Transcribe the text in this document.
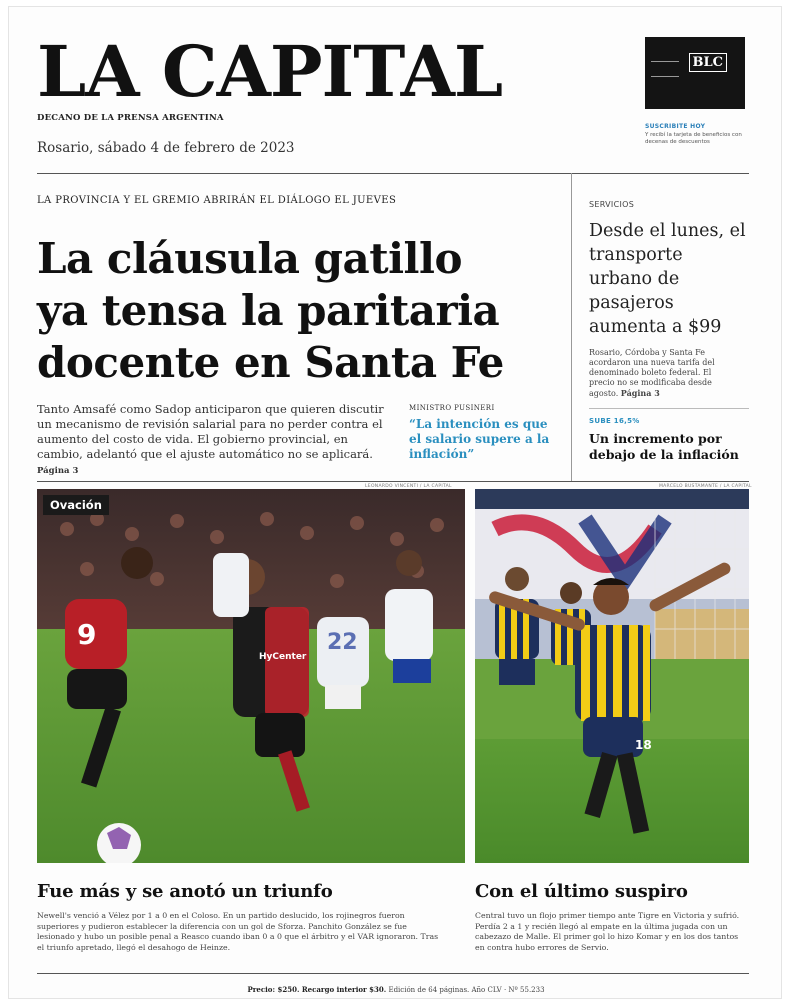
LA CAPITAL
DECANO DE LA PRENSA ARGENTINA
Rosario, sábado 4 de febrero de 2023
BLC
SUSCRIBITE HOY
Y recibí la tarjeta de beneficios con decenas de descuentos
LA PROVINCIA Y EL GREMIO ABRIRÁN EL DIÁLOGO EL JUEVES
La cláusula gatillo
ya tensa la paritaria
docente en Santa Fe
Tanto Amsafé como Sadop anticiparon que quieren discutir un mecanismo de revisión salarial para no perder contra el aumento del costo de vida. El gobierno provincial, en cambio, adelantó que el ajuste automático no se aplicará. Página 3
MINISTRO PUSINERI
“La intención es que el salario supere a la inflación”
SERVICIOS
Desde el lunes, el transporte urbano de pasajeros aumenta a $99
Rosario, Córdoba y Santa Fe acordaron una nueva tarifa del denominado boleto federal. El precio no se modificaba desde agosto. Página 3
SUBE 16,5%
Un incremento por debajo de la inflación
LEONARDO VINCENTI / LA CAPITAL	MARCELO BUSTAMANTE / LA CAPITAL
9
HyCenter
22
Ovación
18
Fue más y se anotó un triunfo
Newell's venció a Vélez por 1 a 0 en el Coloso. En un partido deslucido, los rojinegros fueron superiores y pudieron establecer la diferencia con un gol de Sforza. Panchito González se fue lesionado y hubo un posible penal a Reasco cuando iban 0 a 0 que el árbitro y el VAR ignoraron. Tras el triunfo apretado, llegó el desahogo de Heinze.
Con el último suspiro
Central tuvo un flojo primer tiempo ante Tigre en Victoria y sufrió. Perdía 2 a 1 y recién llegó al empate en la última jugada con un cabezazo de Malle. El primer gol lo hizo Komar y en los dos tantos en contra hubo errores de Servio.
Precio: $250. Recargo interior $30. Edición de 64 páginas. Año CLV · Nº 55.233
